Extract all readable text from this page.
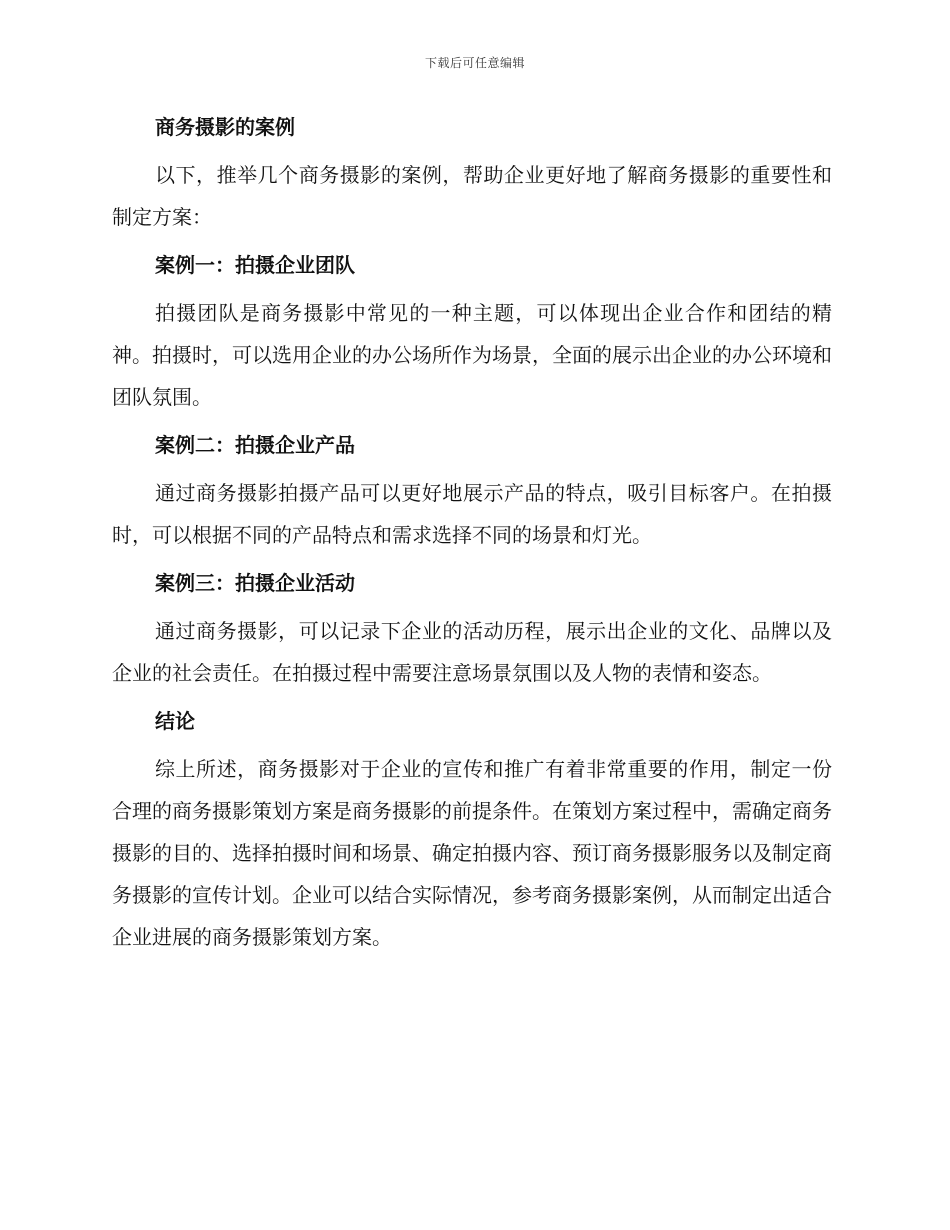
下载后可任意编辑
商务摄影的案例

以下，推举几个商务摄影的案例，帮助企业更好地了解商务摄影的重要性和制定方案：

案例一：拍摄企业团队

拍摄团队是商务摄影中常见的一种主题，可以体现出企业合作和团结的精神。拍摄时，可以选用企业的办公场所作为场景，全面的展示出企业的办公环境和团队氛围。

案例二：拍摄企业产品

通过商务摄影拍摄产品可以更好地展示产品的特点，吸引目标客户。在拍摄时，可以根据不同的产品特点和需求选择不同的场景和灯光。

案例三：拍摄企业活动

通过商务摄影，可以记录下企业的活动历程，展示出企业的文化、品牌以及企业的社会责任。在拍摄过程中需要注意场景氛围以及人物的表情和姿态。

结论

综上所述，商务摄影对于企业的宣传和推广有着非常重要的作用，制定一份合理的商务摄影策划方案是商务摄影的前提条件。在策划方案过程中，需确定商务摄影的目的、选择拍摄时间和场景、确定拍摄内容、预订商务摄影服务以及制定商务摄影的宣传计划。企业可以结合实际情况，参考商务摄影案例，从而制定出适合企业进展的商务摄影策划方案。
